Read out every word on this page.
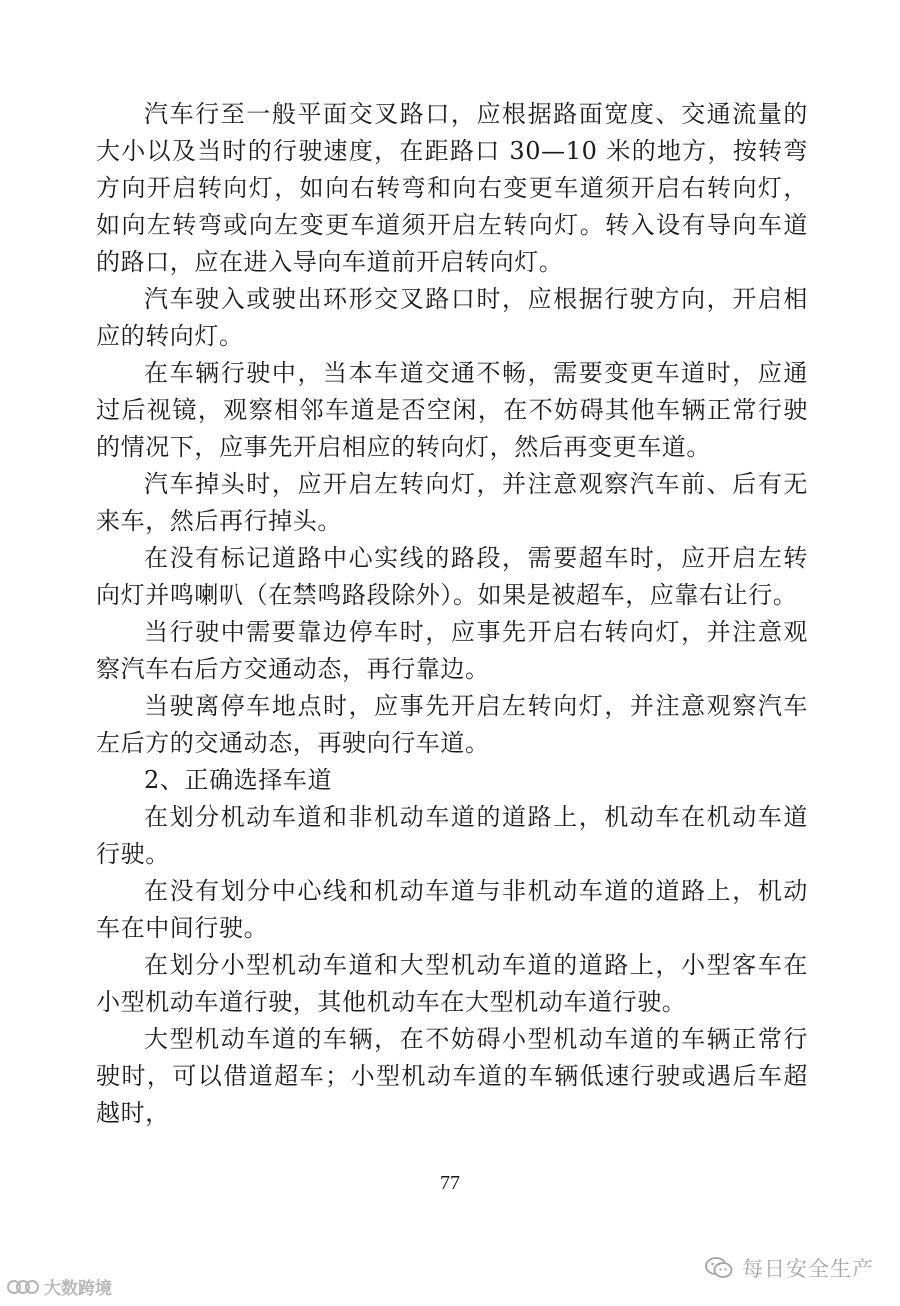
汽车行至一般平面交叉路口，应根据路面宽度、交通流量的大小以及当时的行驶速度，在距路口 30—10 米的地方，按转弯方向开启转向灯，如向右转弯和向右变更车道须开启右转向灯，如向左转弯或向左变更车道须开启左转向灯。转入设有导向车道的路口，应在进入导向车道前开启转向灯。

汽车驶入或驶出环形交叉路口时，应根据行驶方向，开启相应的转向灯。

在车辆行驶中，当本车道交通不畅，需要变更车道时，应通过后视镜，观察相邻车道是否空闲，在不妨碍其他车辆正常行驶的情况下，应事先开启相应的转向灯，然后再变更车道。

汽车掉头时，应开启左转向灯，并注意观察汽车前、后有无来车，然后再行掉头。

在没有标记道路中心实线的路段，需要超车时，应开启左转向灯并鸣喇叭（在禁鸣路段除外）。如果是被超车，应靠右让行。

当行驶中需要靠边停车时，应事先开启右转向灯，并注意观察汽车右后方交通动态，再行靠边。

当驶离停车地点时，应事先开启左转向灯，并注意观察汽车左后方的交通动态，再驶向行车道。

2、正确选择车道

在划分机动车道和非机动车道的道路上，机动车在机动车道行驶。

在没有划分中心线和机动车道与非机动车道的道路上，机动车在中间行驶。

在划分小型机动车道和大型机动车道的道路上，小型客车在小型机动车道行驶，其他机动车在大型机动车道行驶。

大型机动车道的车辆，在不妨碍小型机动车道的车辆正常行驶时，可以借道超车；小型机动车道的车辆低速行驶或遇后车超越时，

77
每日安全生产
大数跨境
